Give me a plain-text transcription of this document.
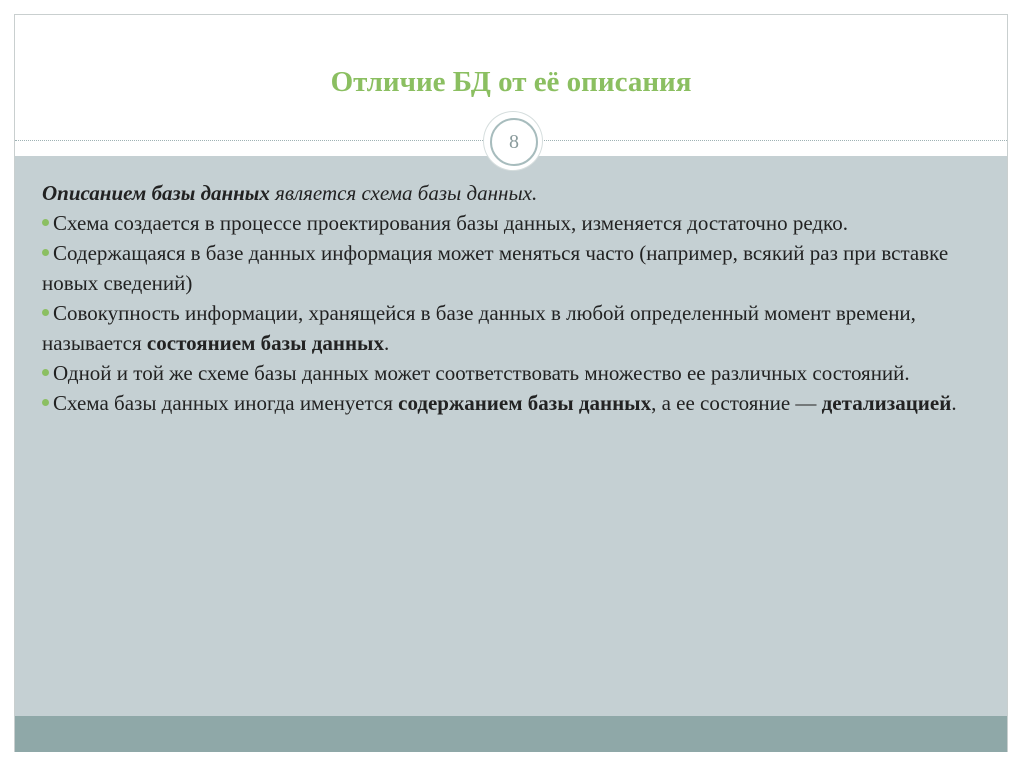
Отличие БД от её описания
8

Описанием базы данных является схема базы данных.

Схема создается в процессе проектирования базы данных, изменяется достаточно редко.

Содержащаяся в базе данных информация может меняться часто (например, всякий раз при вставке новых сведений)

Совокупность информации, хранящейся в базе данных в любой определенный момент времени, называется состоянием базы данных.

Одной и той же схеме базы данных может соответствовать множество ее различных состояний.

Схема базы данных иногда именуется содержанием базы данных, а ее состояние — детализацией.
